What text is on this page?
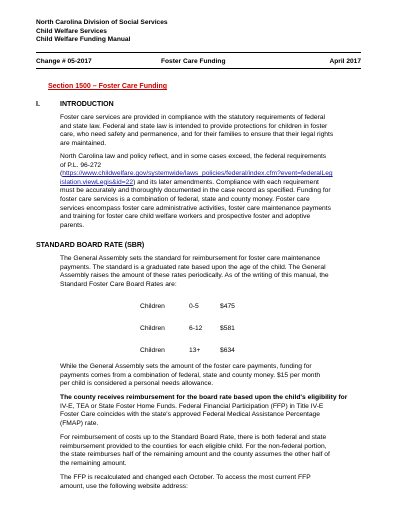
North Carolina Division of Social Services
Child Welfare Services
Child Welfare Funding Manual
Change # 05-2017	Foster Care Funding	April 2017
Section 1500 – Foster Care Funding
I.	INTRODUCTION
Foster care services are provided in compliance with the statutory requirements of federal
and state law. Federal and state law is intended to provide protections for children in foster
care, who need safety and permanence, and for their families to ensure that their legal rights
are maintained.
North Carolina law and policy reflect, and in some cases exceed, the federal requirements
of P.L. 96-272
(https://www.childwelfare.gov/systemwide/laws_policies/federal/index.cfm?event=federalLeg
islation.viewLegis&id=22) and its later amendments. Compliance with each requirement
must be accurately and thoroughly documented in the case record as specified. Funding for
foster care services is a combination of federal, state and county money. Foster care
services encompass foster care administrative activities, foster care maintenance payments
and training for foster care child welfare workers and prospective foster and adoptive
parents.
STANDARD BOARD RATE (SBR)
The General Assembly sets the standard for reimbursement for foster care maintenance
payments. The standard is a graduated rate based upon the age of the child. The General
Assembly raises the amount of these rates periodically. As of the writing of this manual, the
Standard Foster Care Board Rates are:
Children	0-5	$475
Children	6-12	$581
Children	13+	$634
While the General Assembly sets the amount of the foster care payments, funding for
payments comes from a combination of federal, state and county money. $15 per month
per child is considered a personal needs allowance.
The county receives reimbursement for the board rate based upon the child's eligibility for
IV-E, TEA or State Foster Home Funds. Federal Financial Participation (FFP) in Title IV-E
Foster Care coincides with the state's approved Federal Medical Assistance Percentage
(FMAP) rate.
For reimbursement of costs up to the Standard Board Rate, there is both federal and state
reimbursement provided to the counties for each eligible child. For the non-federal portion,
the state reimburses half of the remaining amount and the county assumes the other half of
the remaining amount.
The FFP is recalculated and changed each October. To access the most current FFP
amount, use the following website address:
